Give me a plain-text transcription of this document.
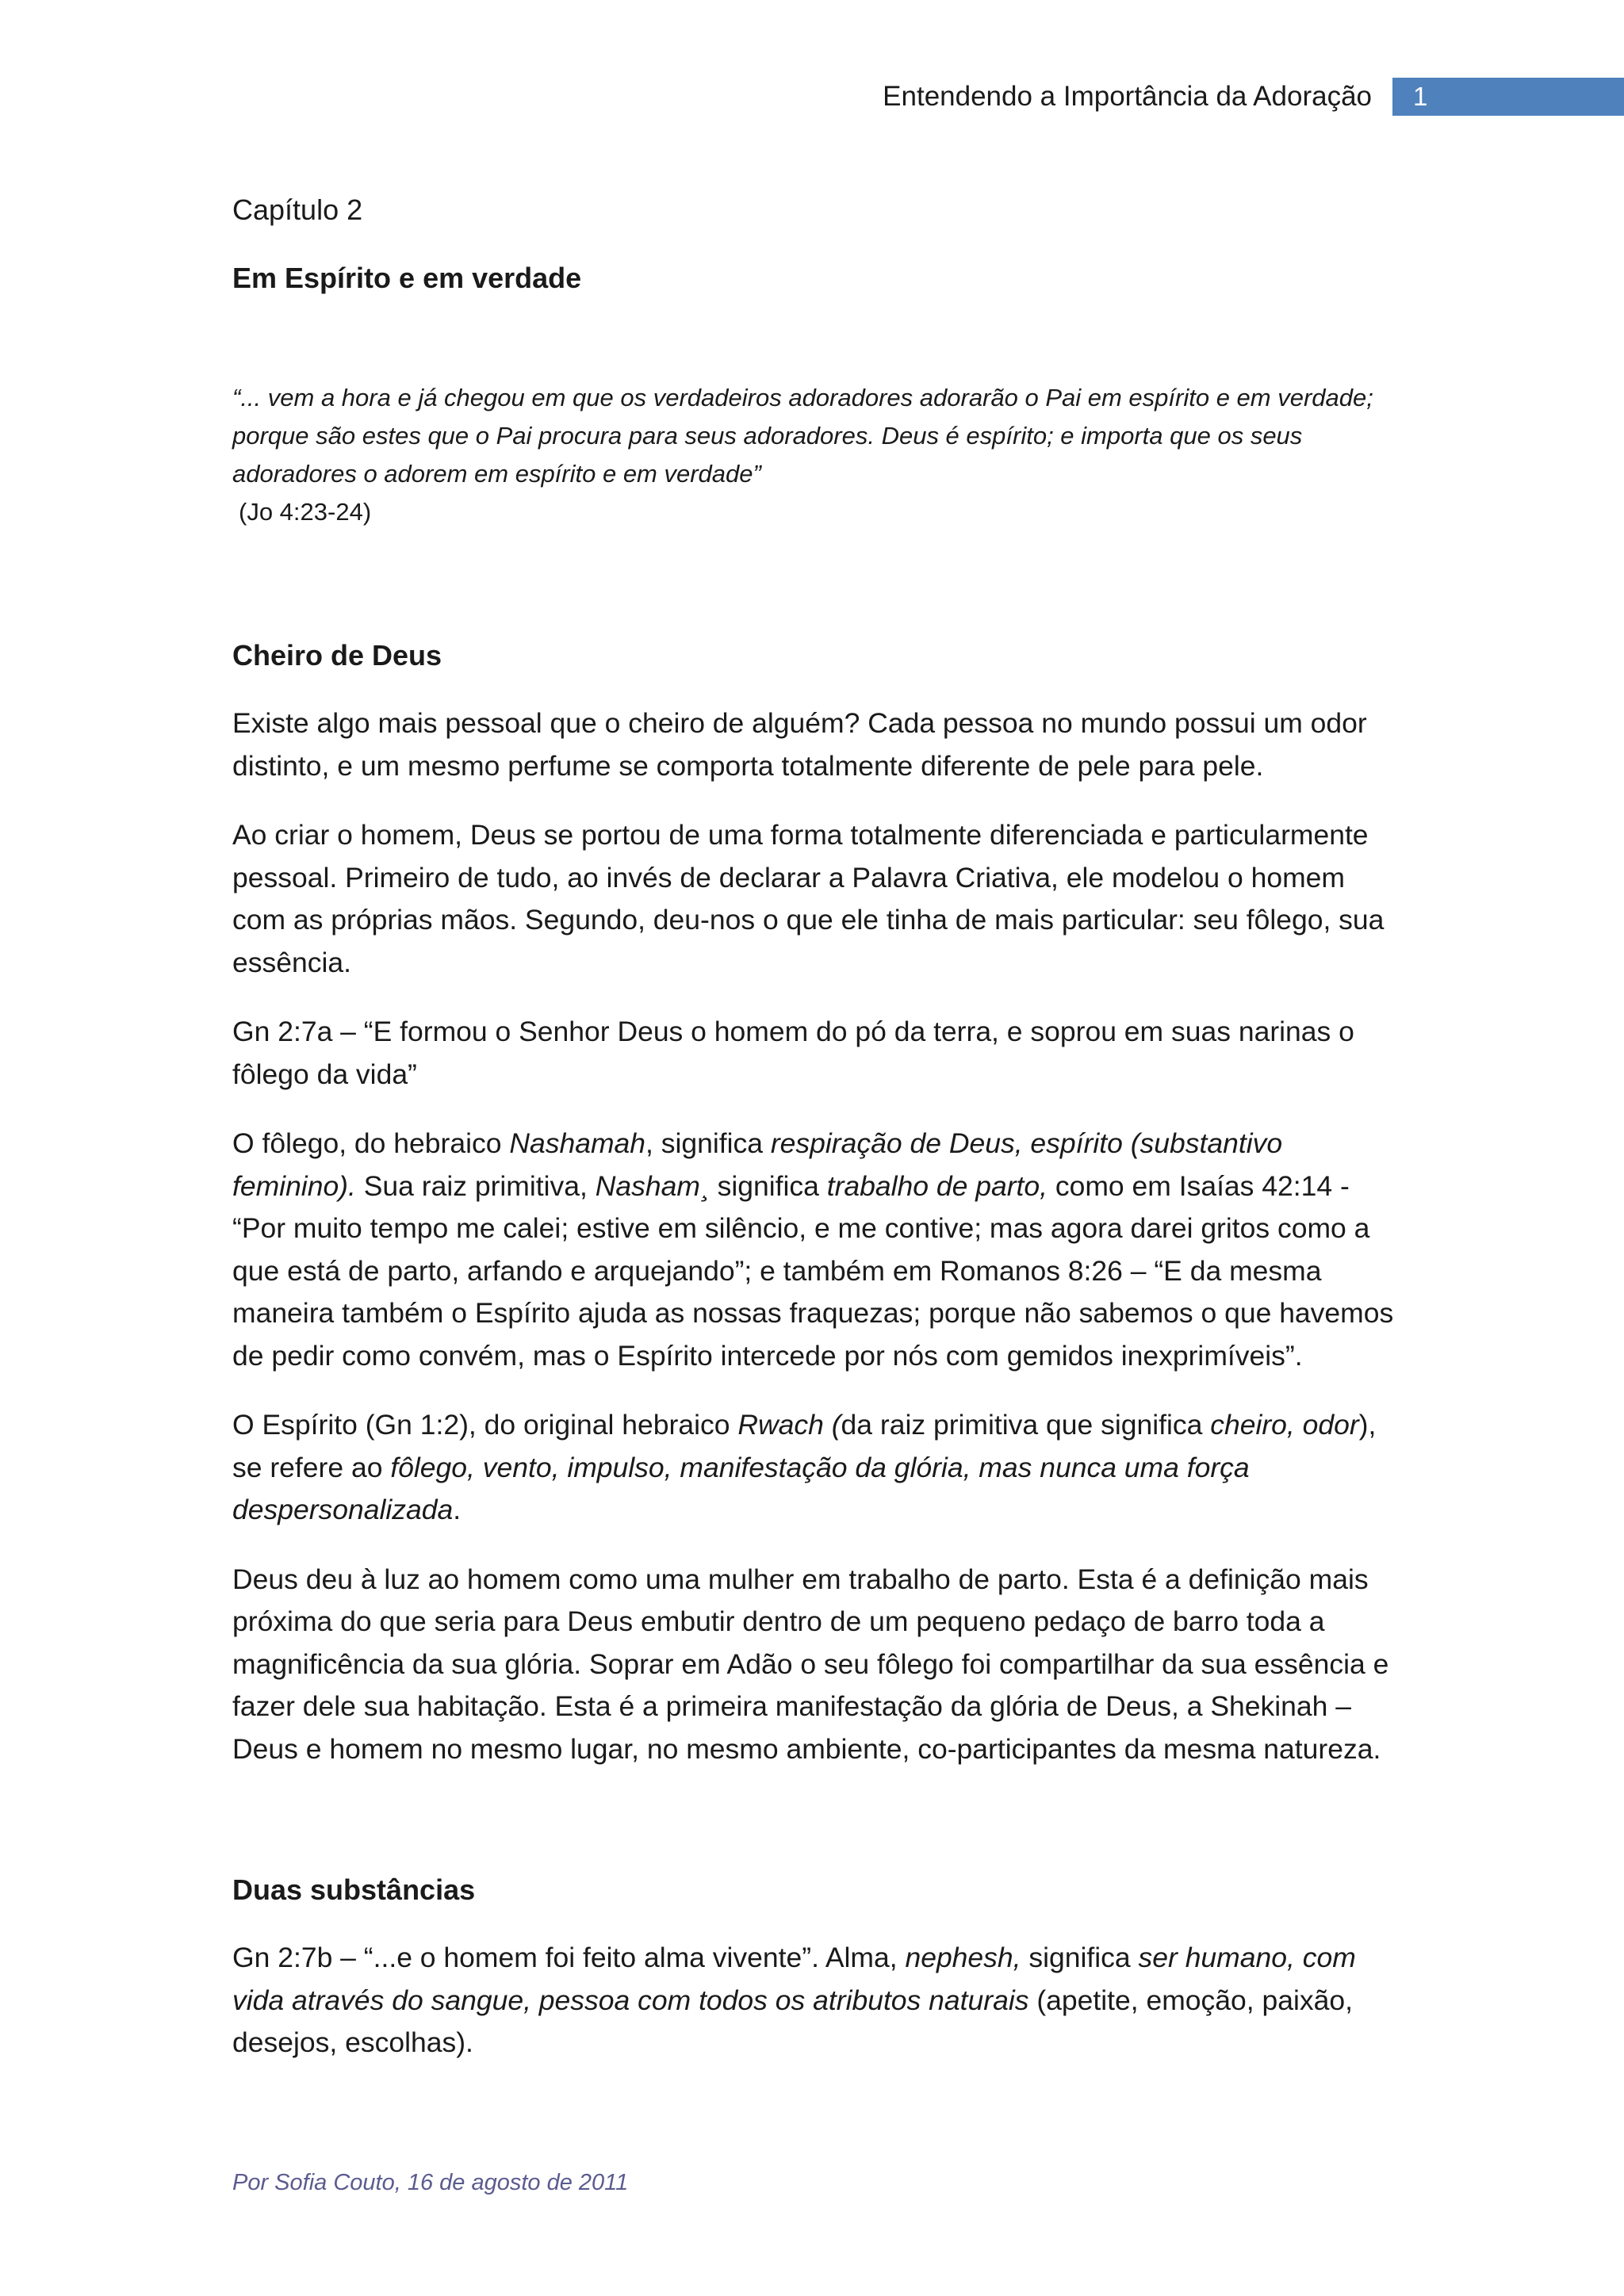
Entendendo a Importância da Adoração	1

Capítulo 2

Em Espírito e em verdade

“... vem a hora e já chegou em que os verdadeiros adoradores adorarão o Pai em espírito e em verdade;

porque são estes que o Pai procura para seus adoradores. Deus é espírito; e importa que os seus

adoradores o adorem em espírito e em verdade”

(Jo 4:23-24)

Cheiro de Deus

Existe algo mais pessoal que o cheiro de alguém? Cada pessoa no mundo possui um odor distinto, e um mesmo perfume se comporta totalmente diferente de pele para pele.

Ao criar o homem, Deus se portou de uma forma totalmente diferenciada e particularmente pessoal. Primeiro de tudo, ao invés de declarar a Palavra Criativa, ele modelou o homem com as próprias mãos. Segundo, deu-nos o que ele tinha de mais particular: seu fôlego, sua essência.

Gn 2:7a – “E formou o Senhor Deus o homem do pó da terra, e soprou em suas narinas o fôlego da vida”

O fôlego, do hebraico Nashamah, significa respiração de Deus, espírito (substantivo feminino). Sua raiz primitiva, Nasham¸ significa trabalho de parto, como em Isaías 42:14 - “Por muito tempo me calei; estive em silêncio, e me contive; mas agora darei gritos como a que está de parto, arfando e arquejando”; e também em Romanos 8:26 – “E da mesma maneira também o Espírito ajuda as nossas fraquezas; porque não sabemos o que havemos de pedir como convém, mas o Espírito intercede por nós com gemidos inexprimíveis”.

O Espírito (Gn 1:2), do original hebraico Rwach (da raiz primitiva que significa cheiro, odor), se refere ao fôlego, vento, impulso, manifestação da glória, mas nunca uma força despersonalizada.

Deus deu à luz ao homem como uma mulher em trabalho de parto. Esta é a definição mais próxima do que seria para Deus embutir dentro de um pequeno pedaço de barro toda a magnificência da sua glória. Soprar em Adão o seu fôlego foi compartilhar da sua essência e fazer dele sua habitação. Esta é a primeira manifestação da glória de Deus, a Shekinah – Deus e homem no mesmo lugar, no mesmo ambiente, co-participantes da mesma natureza.

Duas substâncias

Gn 2:7b – “...e o homem foi feito alma vivente”. Alma, nephesh, significa ser humano, com vida através do sangue, pessoa com todos os atributos naturais (apetite, emoção, paixão, desejos, escolhas).

Por Sofia Couto, 16 de agosto de 2011
